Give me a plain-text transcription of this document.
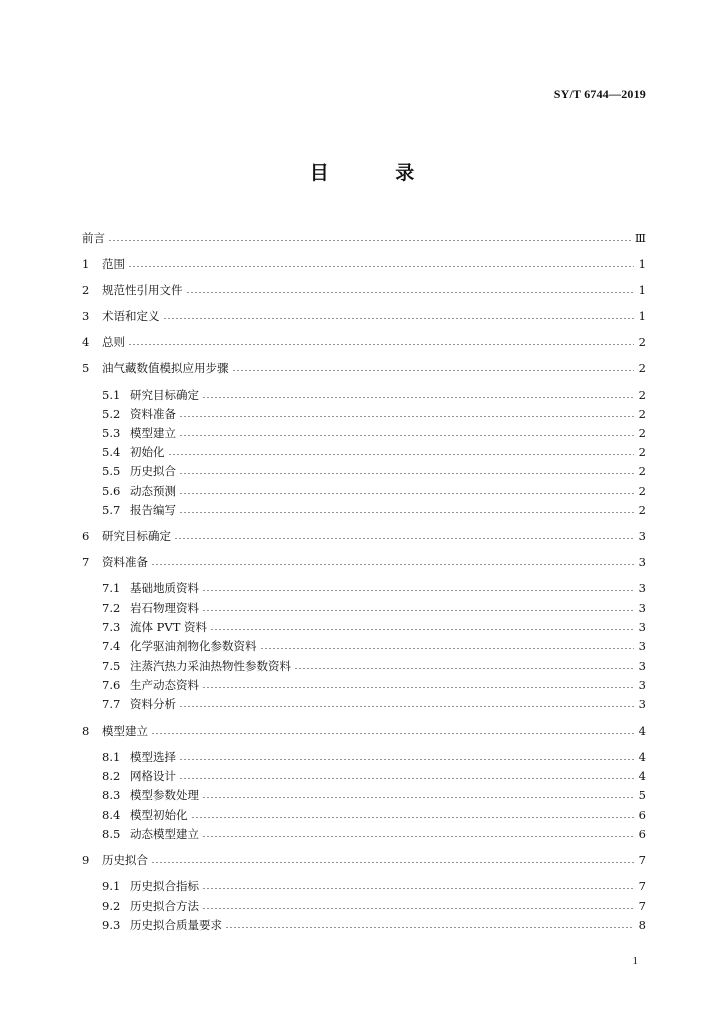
SY/T 6744—2019
目 录
前言	Ⅲ
1	范围	1
2	规范性引用文件	1
3	术语和定义	1
4	总则	2
5	油气藏数值模拟应用步骤	2
5.1 研究目标确定	2
5.2 资料准备	2
5.3 模型建立	2
5.4 初始化	2
5.5 历史拟合	2
5.6 动态预测	2
5.7 报告编写	2
6	研究目标确定	3
7	资料准备	3
7.1 基础地质资料	3
7.2 岩石物理资料	3
7.3 流体 PVT 资料	3
7.4 化学驱油剂物化参数资料	3
7.5 注蒸汽热力采油热物性参数资料	3
7.6 生产动态资料	3
7.7 资料分析	3
8	模型建立	4
8.1 模型选择	4
8.2 网格设计	4
8.3 模型参数处理	5
8.4 模型初始化	6
8.5 动态模型建立	6
9	历史拟合	7
9.1 历史拟合指标	7
9.2 历史拟合方法	7
9.3 历史拟合质量要求	8
1
